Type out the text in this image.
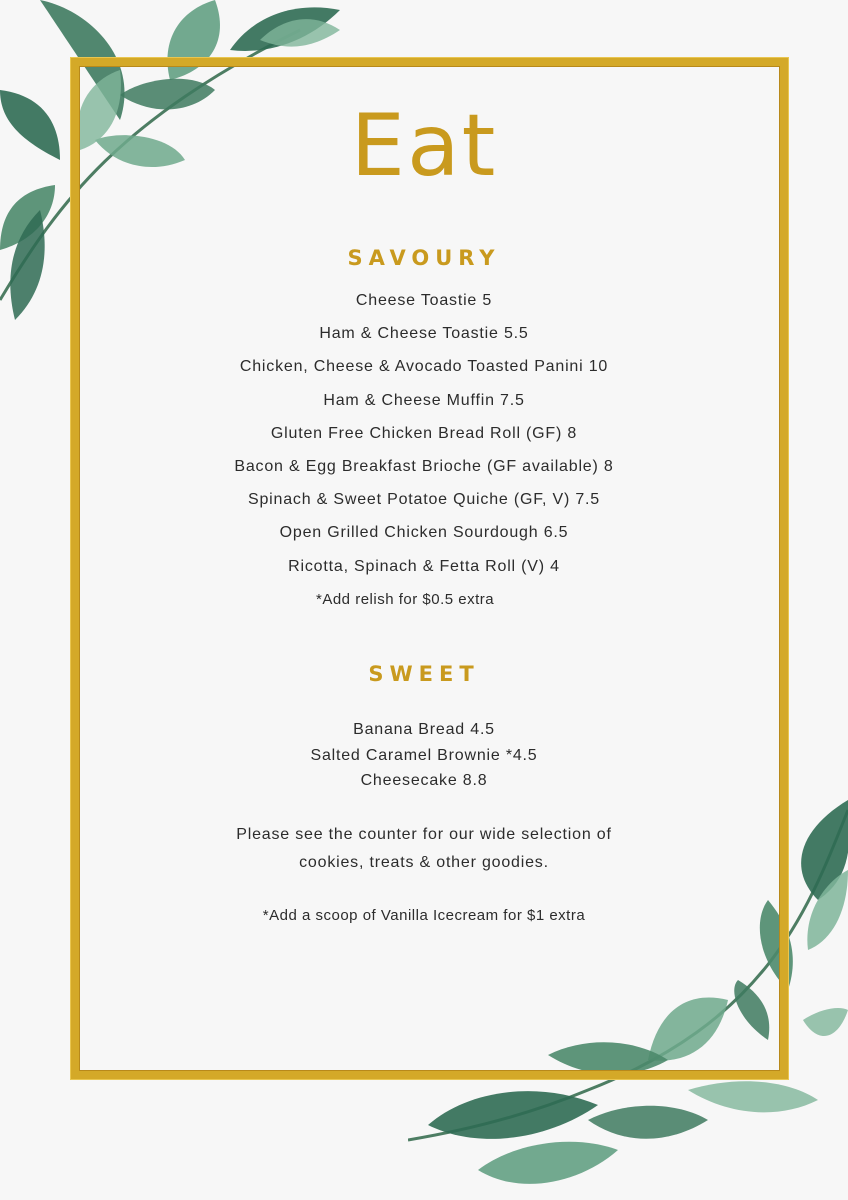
Eat
SAVOURY
Cheese Toastie 5
Ham & Cheese Toastie 5.5
Chicken, Cheese & Avocado Toasted Panini 10
Ham & Cheese Muffin 7.5
Gluten Free Chicken Bread Roll (GF) 8
Bacon & Egg Breakfast Brioche (GF available) 8
Spinach & Sweet Potatoe Quiche (GF, V) 7.5
Open Grilled Chicken Sourdough 6.5
Ricotta, Spinach & Fetta Roll (V) 4
*Add relish for $0.5 extra
SWEET
Banana Bread 4.5
Salted Caramel Brownie *4.5
Cheesecake 8.8
Please see the counter for our wide selection of
cookies, treats & other goodies.
*Add a scoop of Vanilla Icecream for $1 extra
